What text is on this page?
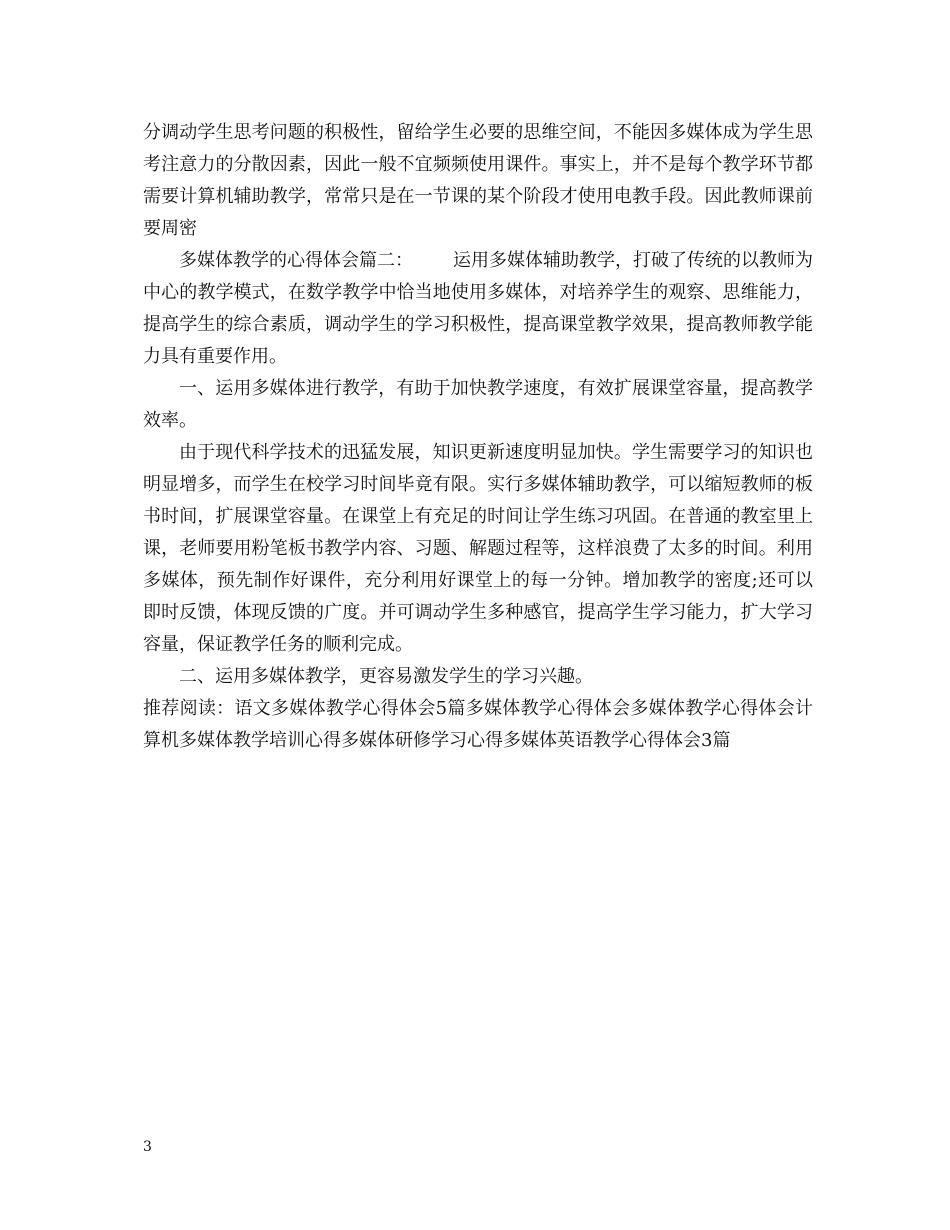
分调动学生思考问题的积极性，留给学生必要的思维空间，不能因多媒体成为学生思考注意力的分散因素，因此一般不宜频频使用课件。事实上，并不是每个教学环节都需要计算机辅助教学，常常只是在一节课的某个阶段才使用电教手段。因此教师课前要周密

多媒体教学的心得体会篇二： 运用多媒体辅助教学，打破了传统的以教师为中心的教学模式，在数学教学中恰当地使用多媒体，对培养学生的观察、思维能力，提高学生的综合素质，调动学生的学习积极性，提高课堂教学效果，提高教师教学能力具有重要作用。

一、运用多媒体进行教学，有助于加快教学速度，有效扩展课堂容量，提高教学效率。

由于现代科学技术的迅猛发展，知识更新速度明显加快。学生需要学习的知识也明显增多，而学生在校学习时间毕竟有限。实行多媒体辅助教学，可以缩短教师的板书时间，扩展课堂容量。在课堂上有充足的时间让学生练习巩固。在普通的教室里上课，老师要用粉笔板书教学内容、习题、解题过程等，这样浪费了太多的时间。利用多媒体，预先制作好课件，充分利用好课堂上的每一分钟。增加教学的密度;还可以即时反馈，体现反馈的广度。并可调动学生多种感官，提高学生学习能力，扩大学习容量，保证教学任务的顺利完成。

二、运用多媒体教学，更容易激发学生的学习兴趣。

推荐阅读：语文多媒体教学心得体会5篇多媒体教学心得体会多媒体教学心得体会计算机多媒体教学培训心得多媒体研修学习心得多媒体英语教学心得体会3篇

3
